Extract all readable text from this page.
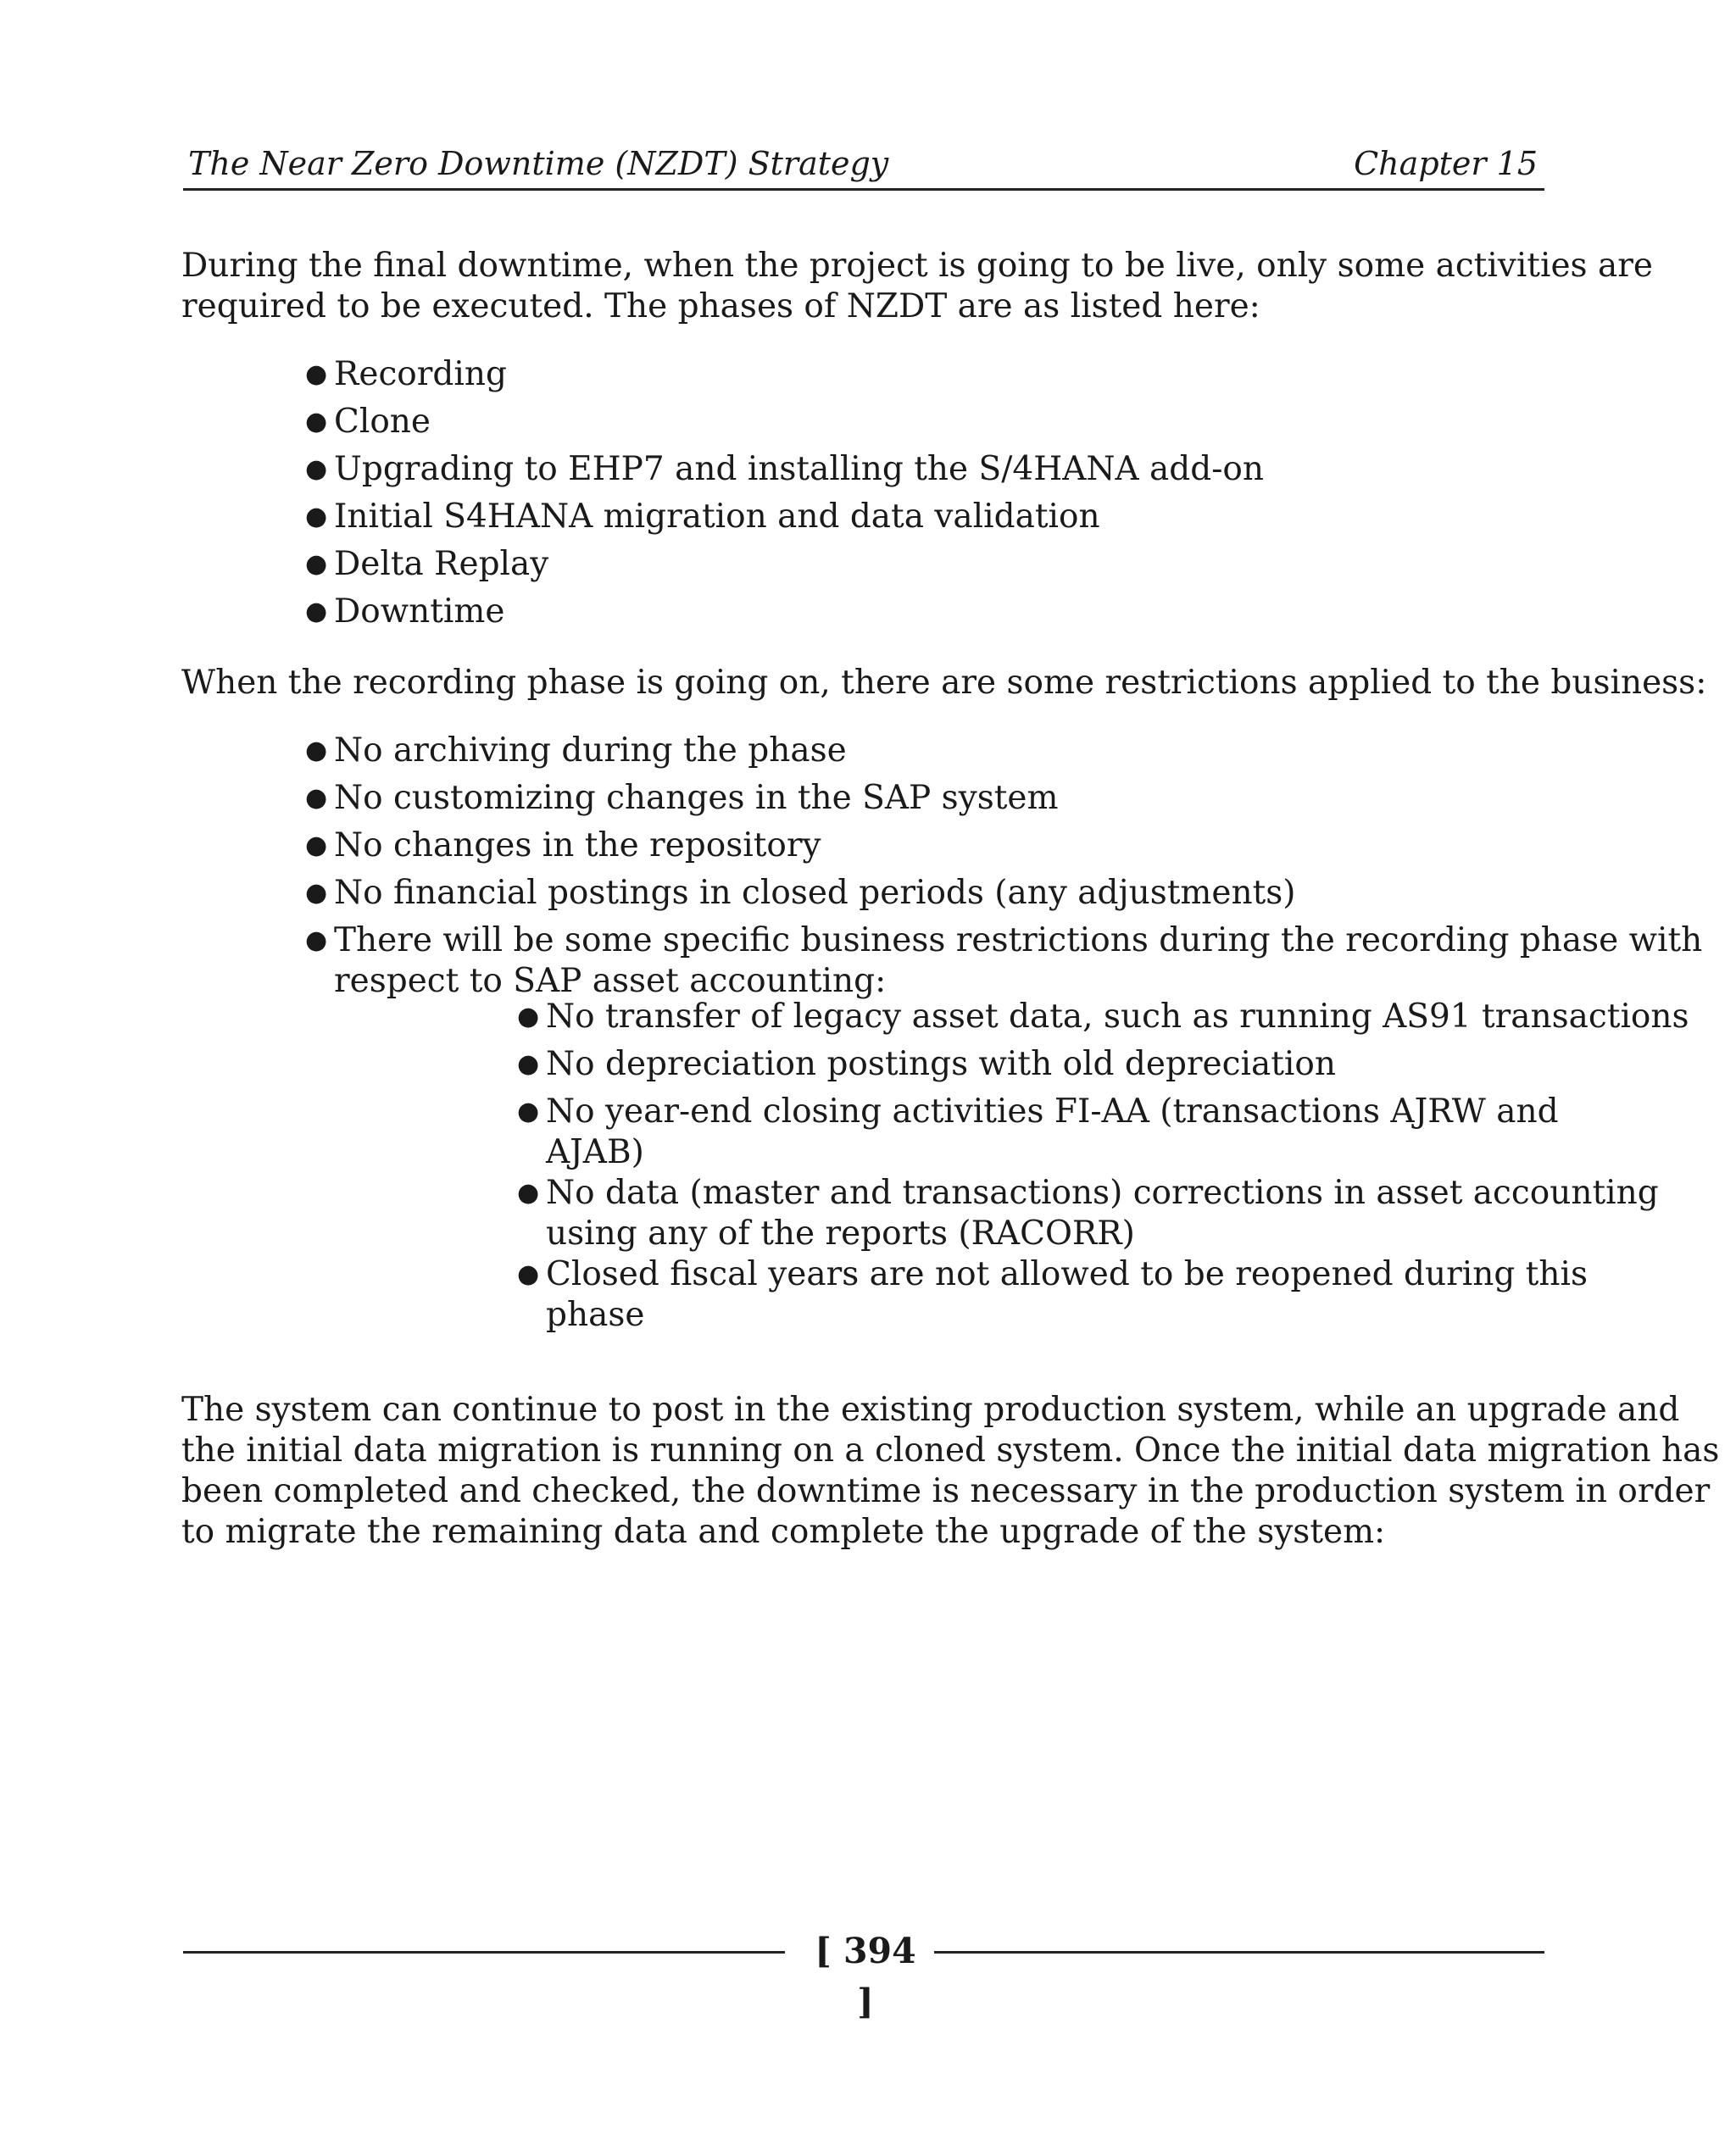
The Near Zero Downtime (NZDT) Strategy	Chapter 15
During the final downtime, when the project is going to be live, only some activities are
required to be executed. The phases of NZDT are as listed here:
● Recording
● Clone
● Upgrading to EHP7 and installing the S/4HANA add-on
● Initial S4HANA migration and data validation
● Delta Replay
● Downtime
When the recording phase is going on, there are some restrictions applied to the business:
● No archiving during the phase
● No customizing changes in the SAP system
● No changes in the repository
● No financial postings in closed periods (any adjustments)
● There will be some specific business restrictions during the recording phase with
respect to SAP asset accounting:
● No transfer of legacy asset data, such as running AS91 transactions
● No depreciation postings with old depreciation
● No year-end closing activities FI-AA (transactions AJRW and
AJAB)
● No data (master and transactions) corrections in asset accounting
using any of the reports (RACORR)
● Closed fiscal years are not allowed to be reopened during this
phase
The system can continue to post in the existing production system, while an upgrade and
the initial data migration is running on a cloned system. Once the initial data migration has
been completed and checked, the downtime is necessary in the production system in order
to migrate the remaining data and complete the upgrade of the system:
[ 394 ]
